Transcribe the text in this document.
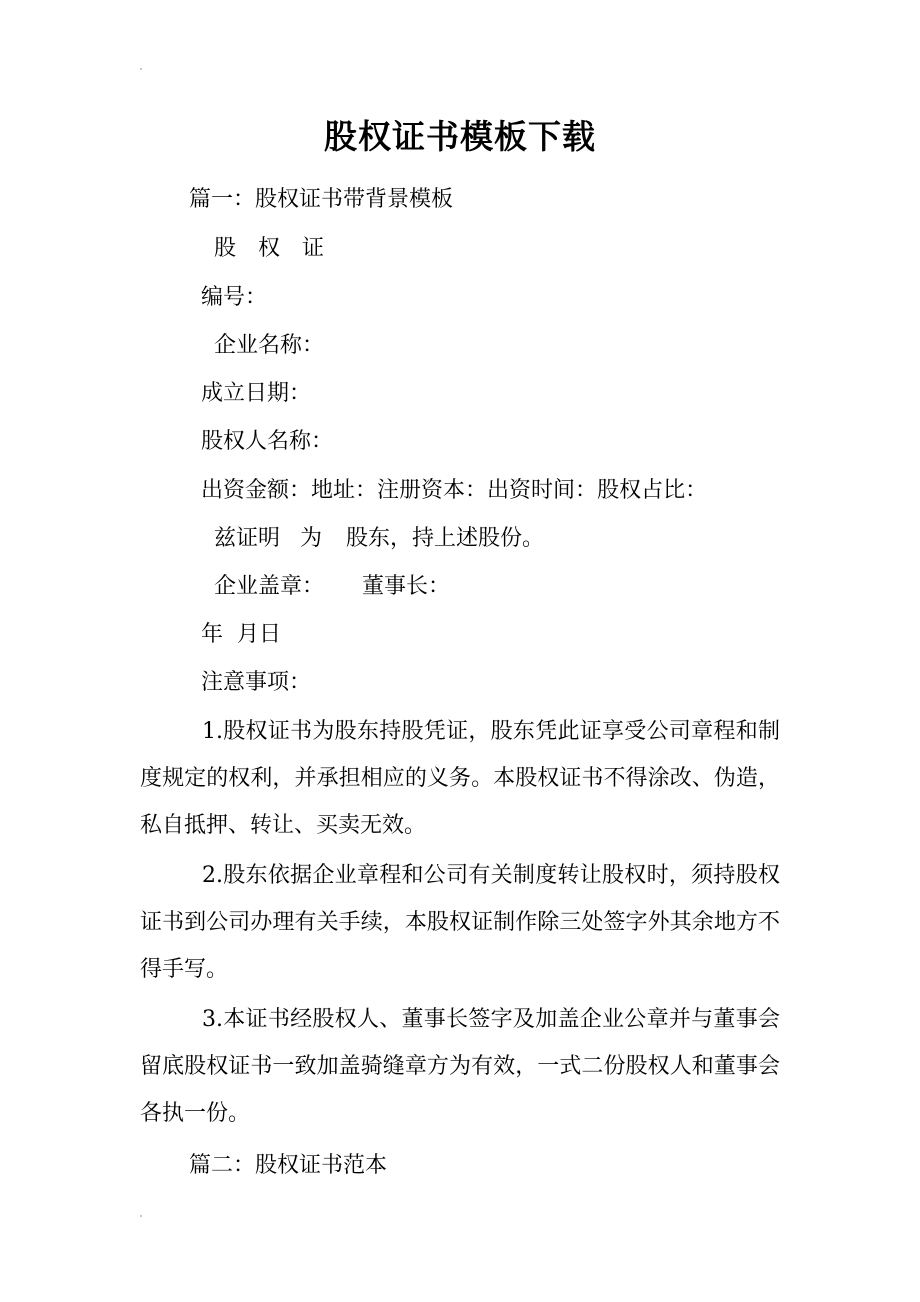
股权证书模板下载
篇一：股权证书带背景模板
股 权 证
编号：
企业名称：
成立日期：
股权人名称：
出资金额：地址：注册资本：出资时间：股权占比：
兹证明 为 股东，持上述股份。
企业盖章： 董事长：
年 月日
注意事项：
1.股权证书为股东持股凭证，股东凭此证享受公司章程和制度规定的权利，并承担相应的义务。本股权证书不得涂改、伪造，私自抵押、转让、买卖无效。
2.股东依据企业章程和公司有关制度转让股权时，须持股权证书到公司办理有关手续，本股权证制作除三处签字外其余地方不得手写。
3.本证书经股权人、董事长签字及加盖企业公章并与董事会留底股权证书一致加盖骑缝章方为有效，一式二份股权人和董事会各执一份。
篇二：股权证书范本
